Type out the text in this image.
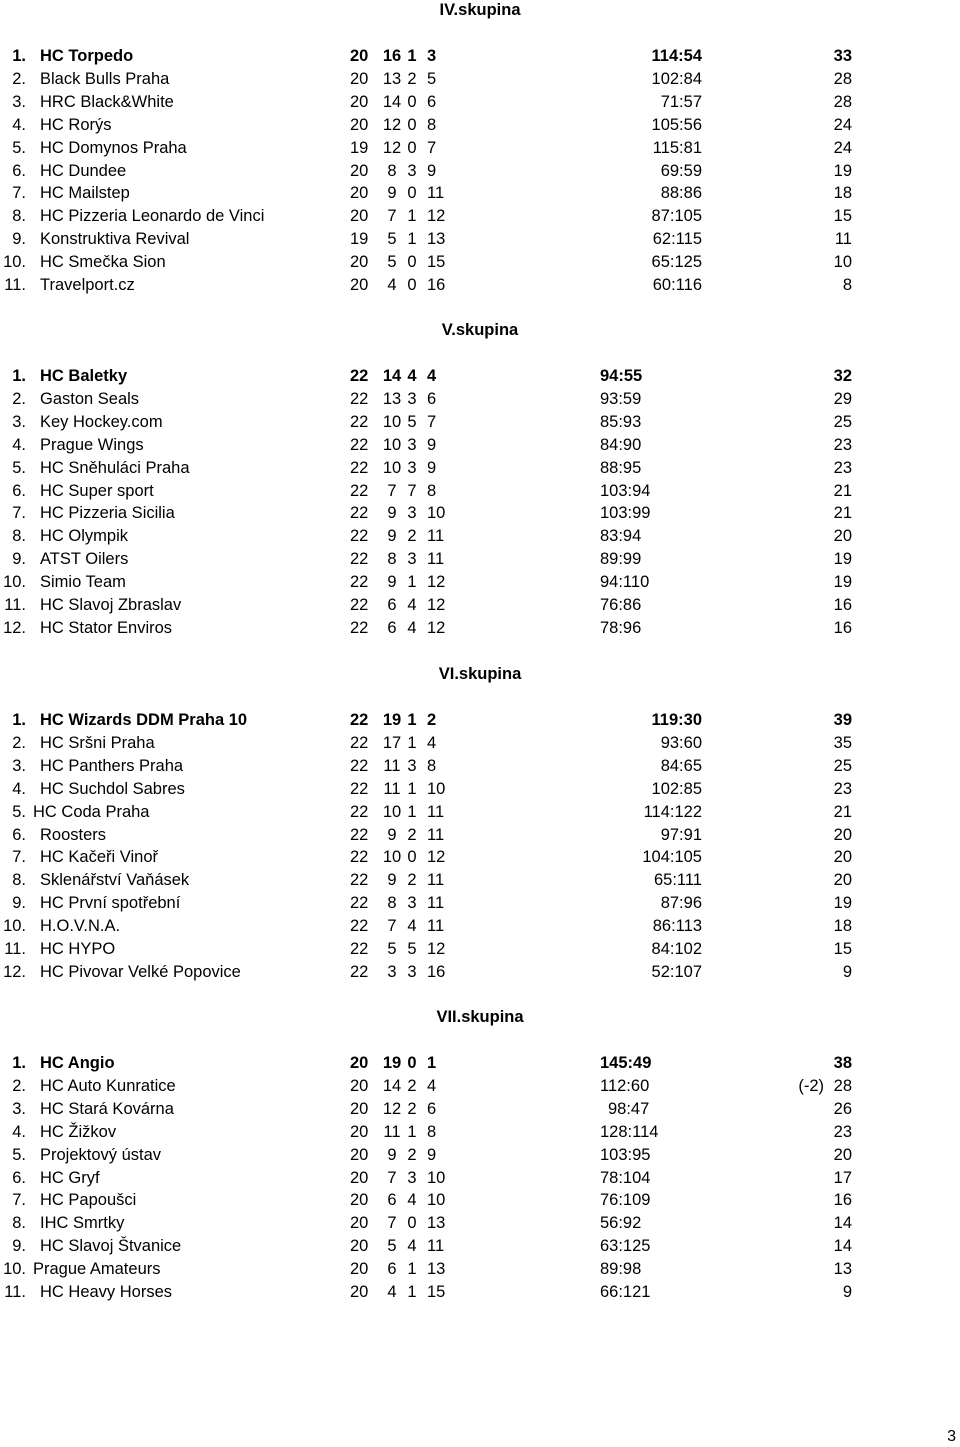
IV.skupina
1. HC Torpedo	20 16 1 3	114:54	33
2. Black Bulls Praha	20 13 2 5	102:84	28
3. HRC Black&White	20 14 0 6	71:57	28
4. HC Rorýs	20 12 0 8	105:56	24
5. HC Domynos Praha	19 12 0 7	115:81	24
6. HC Dundee	20	8 3 9	69:59	19
7. HC Mailstep	20	9 0 11	88:86	18
8. HC Pizzeria Leonardo de Vinci	20	7 1 12	87:105	15
9. Konstruktiva Revival	19	5 1 13	62:115	11
10. HC Smečka Sion	20	5 0 15	65:125	10
11. Travelport.cz	20	4 0 16	60:116	8
V.skupina
1. HC Baletky	22 14 4 4	94:55	32
2. Gaston Seals	22 13 3 6	93:59	29
3. Key Hockey.com	22 10 5 7	85:93	25
4. Prague Wings	22 10 3 9	84:90	23
5. HC Sněhuláci Praha	22 10 3 9	88:95	23
6. HC Super sport	22	7 7 8	103:94	21
7. HC Pizzeria Sicilia	22	9 3 10	103:99	21
8. HC Olympik	22	9 2 11	83:94	20
9. ATST Oilers	22	8 3 11	89:99	19
10. Simio Team	22	9 1 12	94:110	19
11. HC Slavoj Zbraslav	22	6 4 12	76:86	16
12. HC Stator Enviros	22	6 4 12	78:96	16
VI.skupina
1. HC Wizards DDM Praha 10	22 19 1 2	119:30	39
2. HC Sršni Praha	22 17 1 4	93:60	35
3. HC Panthers Praha	22 11 3 8	84:65	25
4. HC Suchdol Sabres	22 11 1 10	102:85	23
5. HC Coda Praha	22 10 1 11	114:122	21
6. Roosters	22	9 2 11	97:91	20
7. HC Kačeři Vinoř	22 10 0 12	104:105	20
8. Sklenářství Vaňásek	22	9 2 11	65:111	20
9. HC První spotřební	22	8 3 11	87:96	19
10. H.O.V.N.A.	22	7 4 11	86:113	18
11. HC HYPO	22	5 5 12	84:102	15
12. HC Pivovar Velké Popovice	22	3 3 16	52:107	9
VII.skupina
1. HC Angio	20 19 0 1	145:49	38
2. HC Auto Kunratice	20 14 2 4	112:60	(-2) 28
3. HC Stará Kovárna	20 12 2 6	98:47	26
4. HC Žižkov	20 11 1 8	128:114	23
5. Projektový ústav	20	9 2 9	103:95	20
6. HC Gryf	20	7 3 10	78:104	17
7. HC Papoušci	20	6 4 10	76:109	16
8. IHC Smrtky	20	7 0 13	56:92	14
9. HC Slavoj Štvanice	20	5 4 11	63:125	14
10. Prague Amateurs	20	6 1 13	89:98	13
11. HC Heavy Horses	20	4 1 15	66:121	9
3
